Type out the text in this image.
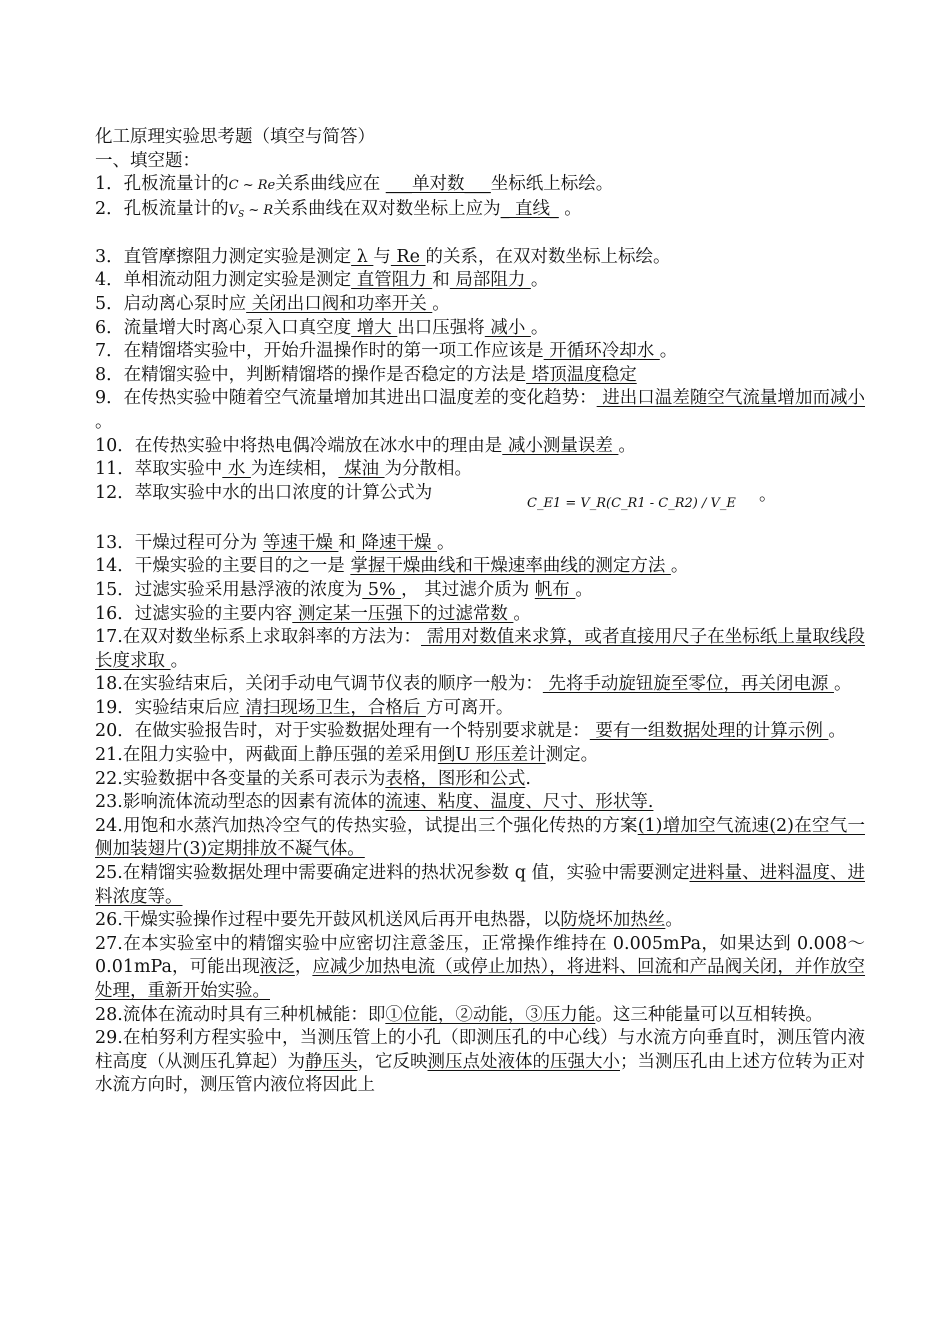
化工原理实验思考题（填空与简答）
一、填空题：
1．孔板流量计的C ~ Re关系曲线应在 ___单对数___坐标纸上标绘。
2．孔板流量计的$V_S$ ~ R关系曲线在双对数坐标上应为_ 直线_ 。
3．直管摩擦阻力测定实验是测定 λ 与 Re 的关系，在双对数坐标上标绘。
4．单相流动阻力测定实验是测定 直管阻力 和 局部阻力 。
5．启动离心泵时应 关闭出口阀和功率开关 。
6．流量增大时离心泵入口真空度 增大 出口压强将 减小 。
7．在精馏塔实验中，开始升温操作时的第一项工作应该是 开循环冷却水 。
8．在精馏实验中，判断精馏塔的操作是否稳定的方法是 塔顶温度稳定
9．在传热实验中随着空气流量增加其进出口温度差的变化趋势： 进出口温差随空气流量增加而减小 。
10．在传热实验中将热电偶冷端放在冰水中的理由是 减小测量误差 。
11．萃取实验中 水 为连续相， 煤油 为分散相。
12．萃取实验中水的出口浓度的计算公式为
C_E1 = V_R(C_R1 - C_R2) / V_E 。
13．干燥过程可分为 等速干燥 和 降速干燥 。
14．干燥实验的主要目的之一是 掌握干燥曲线和干燥速率曲线的测定方法 。
15．过滤实验采用悬浮液的浓度为 5% ， 其过滤介质为 帆布 。
16．过滤实验的主要内容 测定某一压强下的过滤常数 。
17.在双对数坐标系上求取斜率的方法为： 需用对数值来求算，或者直接用尺子在坐标纸上量取线段长度求取 。
18.在实验结束后，关闭手动电气调节仪表的顺序一般为： 先将手动旋钮旋至零位，再关闭电源 。
19．实验结束后应 清扫现场卫生，合格后 方可离开。
20．在做实验报告时，对于实验数据处理有一个特别要求就是： 要有一组数据处理的计算示例 。
21.在阻力实验中，两截面上静压强的差采用倒U 形压差计测定。
22.实验数据中各变量的关系可表示为表格，图形和公式.
23.影响流体流动型态的因素有流体的流速、粘度、温度、尺寸、形状等.
24.用饱和水蒸汽加热冷空气的传热实验，试提出三个强化传热的方案(1)增加空气流速(2)在空气一侧加装翅片(3)定期排放不凝气体。
25.在精馏实验数据处理中需要确定进料的热状况参数 q 值，实验中需要测定进料量、进料温度、进料浓度等。
26.干燥实验操作过程中要先开鼓风机送风后再开电热器，以防烧坏加热丝。
27.在本实验室中的精馏实验中应密切注意釜压，正常操作维持在 0.005mPa，如果达到 0.008～0.01mPa，可能出现液泛，应减少加热电流（或停止加热），将进料、回流和产品阀关闭，并作放空处理，重新开始实验。
28.流体在流动时具有三种机械能：即①位能，②动能，③压力能。这三种能量可以互相转换。
29.在柏努利方程实验中，当测压管上的小孔（即测压孔的中心线）与水流方向垂直时，测压管内液柱高度（从测压孔算起）为静压头，它反映测压点处液体的压强大小；当测压孔由上述方位转为正对水流方向时，测压管内液位将因此上
